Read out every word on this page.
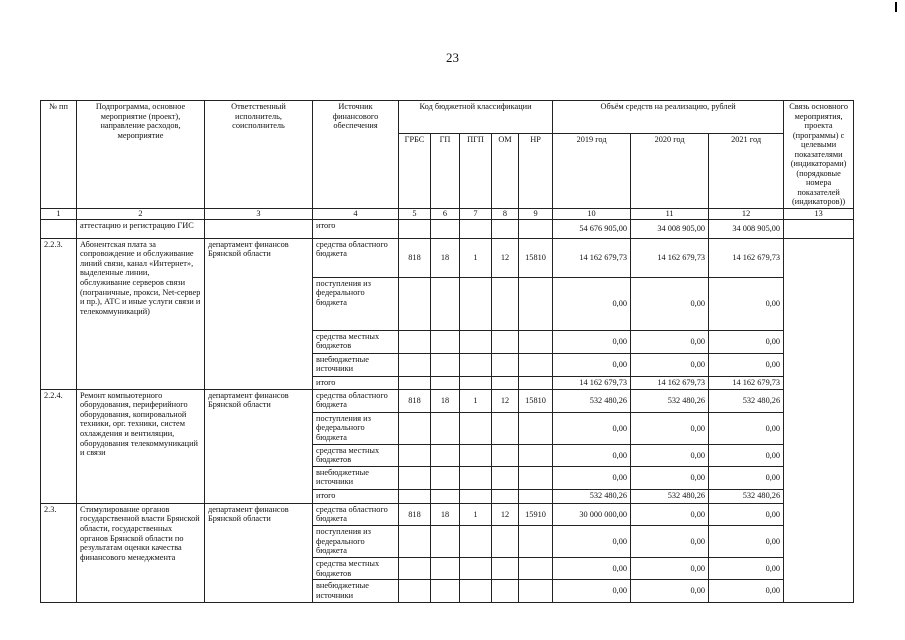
23
№ пп	Подпрограмма, основное мероприятие (проект), направление расходов, мероприятие	Ответственный исполнитель, соисполнитель	Источник финансового обеспечения	Код бюджетной классификации					Объём средств на реализацию, рублей			Связь основного мероприятия, проекта (программы) с целевыми показателями (индикаторами) (порядковые номера показателей (индикаторов))
				ГРБС	ГП	ПГП	ОМ	НР	2019 год	2020 год	2021 год	
1	2	3	4	5	6	7	8	9	10	11	12	13
	аттестацию и регистрацию ГИС		итого						54 676 905,00	34 008 905,00	34 008 905,00	
2.2.3.	Абонентская плата за сопровождение и обслуживание линий связи, канал «Интернет», выделенные линии, обслуживание серверов связи (пограничные, прокси, Net-сервер и пр.), АТС и иные услуги связи и телекоммуникаций)	департамент финансов Брянской области	средства областного бюджета	818	18	1	12	15810	14 162 679,73	14 162 679,73	14 162 679,73	
			поступления из федерального бюджета						0,00	0,00	0,00	
			средства местных бюджетов						0,00	0,00	0,00	
			внебюджетные источники						0,00	0,00	0,00	
			итого						14 162 679,73	14 162 679,73	14 162 679,73	
2.2.4.	Ремонт компьютерного оборудования, периферийного оборудования, копировальной техники, орг. техники, систем охлаждения и вентиляции, оборудования телекоммуникаций и связи	департамент финансов Брянской области	средства областного бюджета	818	18	1	12	15810	532 480,26	532 480,26	532 480,26	
			поступления из федерального бюджета						0,00	0,00	0,00	
			средства местных бюджетов						0,00	0,00	0,00	
			внебюджетные источники						0,00	0,00	0,00	
			итого						532 480,26	532 480,26	532 480,26	
2.3.	Стимулирование органов государственной власти Брянской области, государственных органов Брянской области по результатам оценки качества финансового менеджмента	департамент финансов Брянской области	средства областного бюджета	818	18	1	12	15910	30 000 000,00	0,00	0,00	
			поступления из федерального бюджета						0,00	0,00	0,00	
			средства местных бюджетов						0,00	0,00	0,00	
			внебюджетные источники						0,00	0,00	0,00	
